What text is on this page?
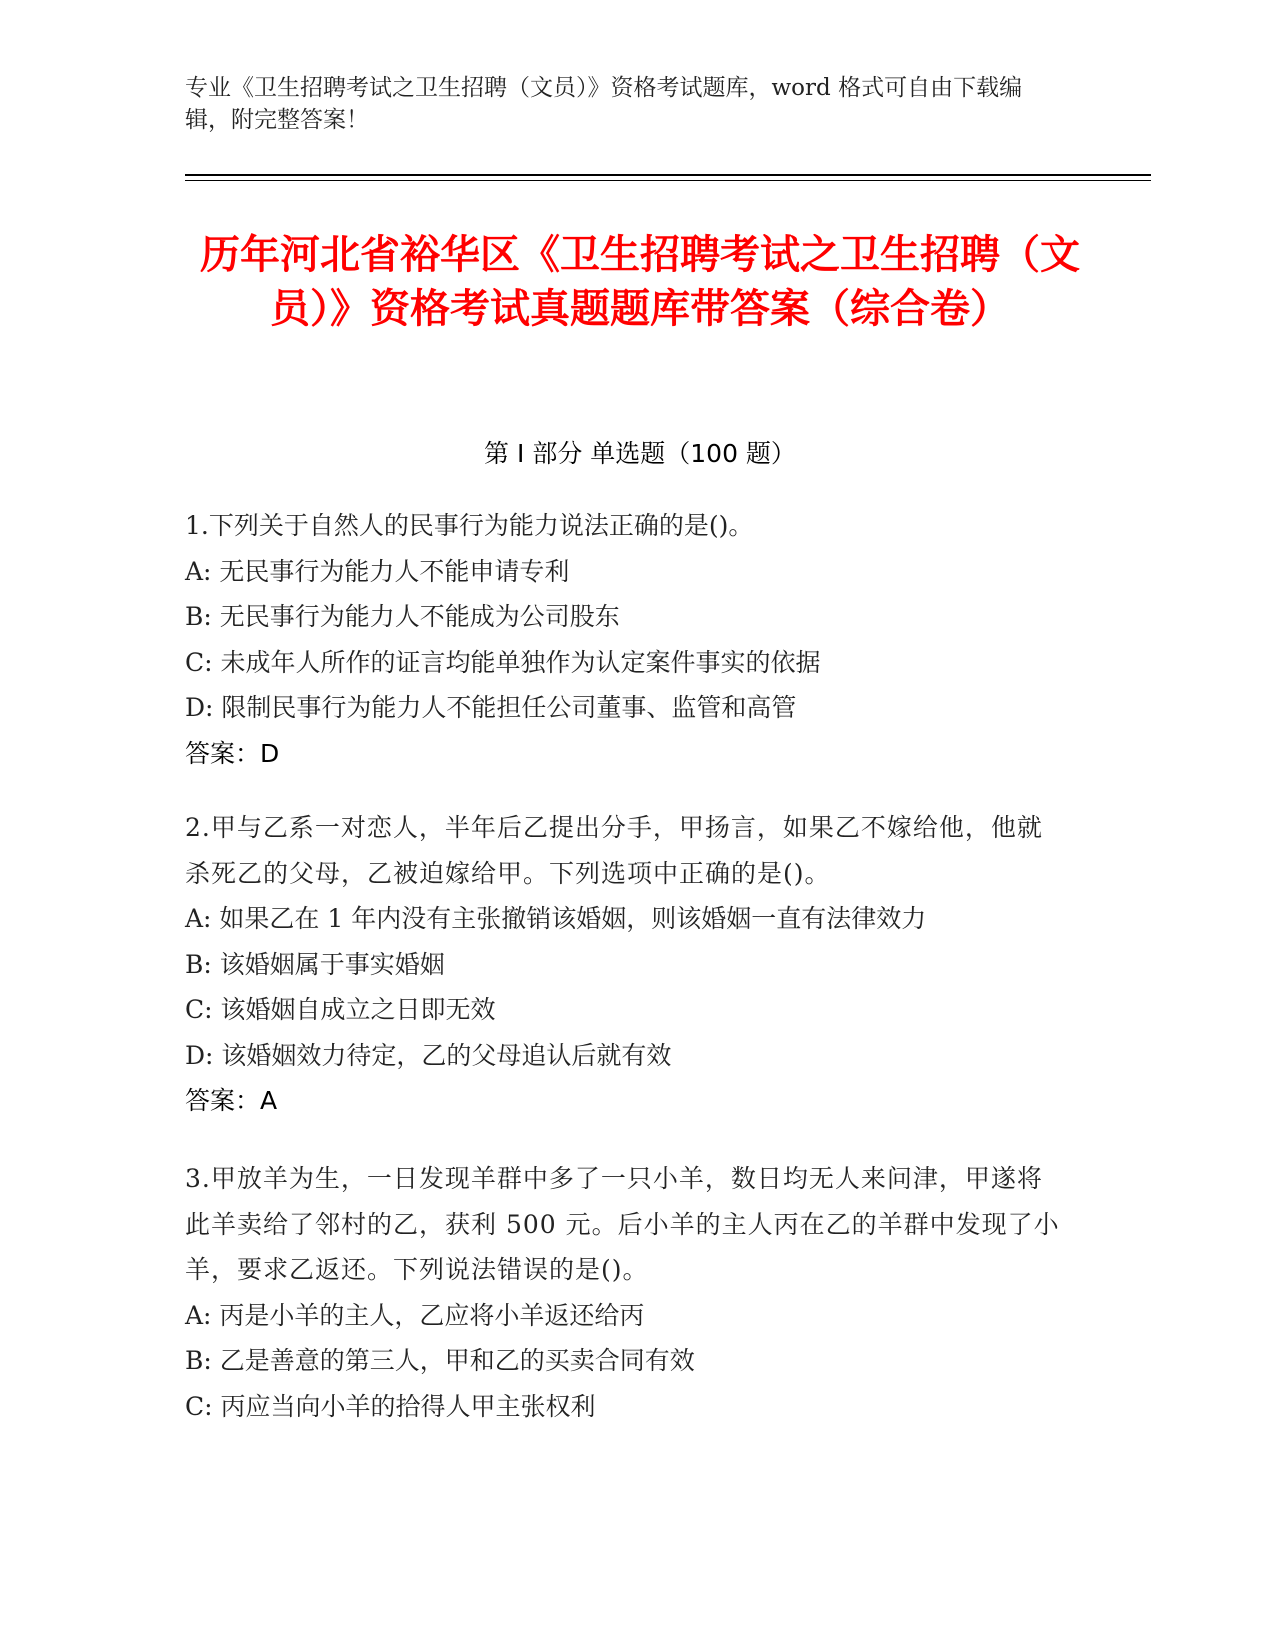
专业《卫生招聘考试之卫生招聘（文员）》资格考试题库，word 格式可自由下载编辑，附完整答案！
历年河北省裕华区《卫生招聘考试之卫生招聘（文员）》资格考试真题题库带答案（综合卷）
第 I 部分 单选题（100 题）
1.下列关于自然人的民事行为能力说法正确的是()。
A: 无民事行为能力人不能申请专利
B: 无民事行为能力人不能成为公司股东
C: 未成年人所作的证言均能单独作为认定案件事实的依据
D: 限制民事行为能力人不能担任公司董事、监管和高管
答案：D
2.甲与乙系一对恋人，半年后乙提出分手，甲扬言，如果乙不嫁给他，他就杀死乙的父母，乙被迫嫁给甲。下列选项中正确的是()。
A: 如果乙在 1 年内没有主张撤销该婚姻，则该婚姻一直有法律效力
B: 该婚姻属于事实婚姻
C: 该婚姻自成立之日即无效
D: 该婚姻效力待定，乙的父母追认后就有效
答案：A
3.甲放羊为生，一日发现羊群中多了一只小羊，数日均无人来问津，甲遂将此羊卖给了邻村的乙，获利 500 元。后小羊的主人丙在乙的羊群中发现了小羊，要求乙返还。下列说法错误的是()。
A: 丙是小羊的主人，乙应将小羊返还给丙
B: 乙是善意的第三人，甲和乙的买卖合同有效
C: 丙应当向小羊的拾得人甲主张权利
